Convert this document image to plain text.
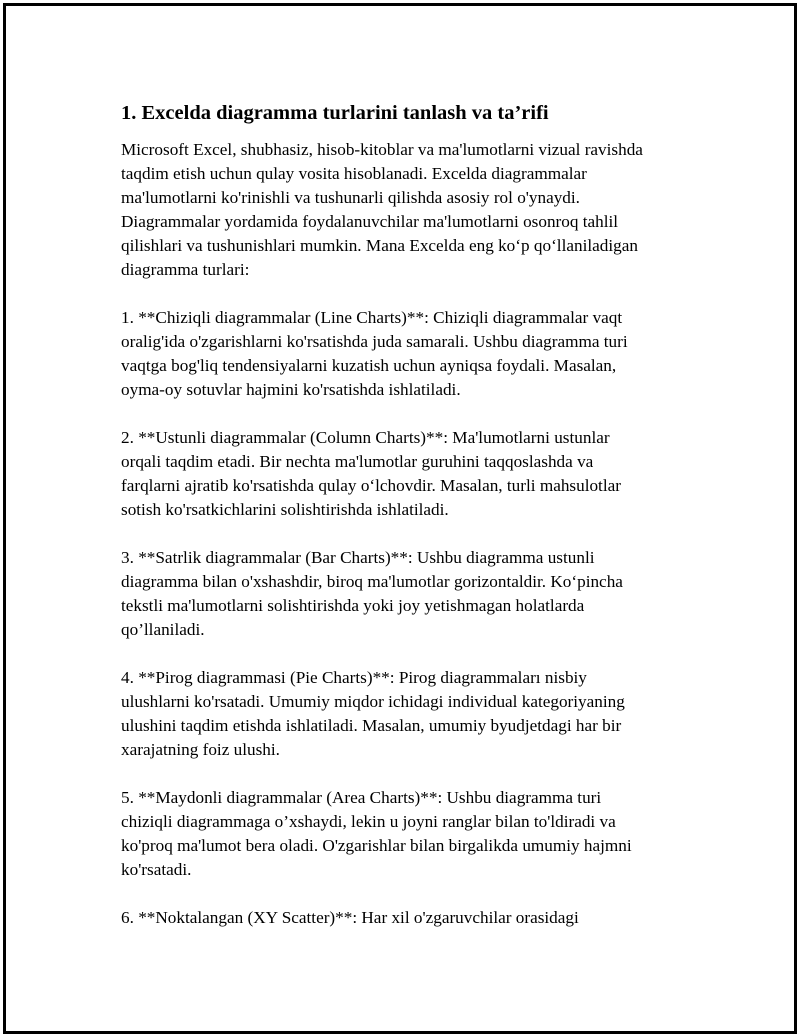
1. Excelda diagramma turlarini tanlash va ta’rifi

Microsoft Excel, shubhasiz, hisob-kitoblar va ma'lumotlarni vizual ravishda
taqdim etish uchun qulay vosita hisoblanadi. Excelda diagrammalar
ma'lumotlarni ko'rinishli va tushunarli qilishda asosiy rol o'ynaydi.
Diagrammalar yordamida foydalanuvchilar ma'lumotlarni osonroq tahlil
qilishlari va tushunishlari mumkin. Mana Excelda eng ko‘p qo‘llaniladigan
diagramma turlari:

1. **Chiziqli diagrammalar (Line Charts)**: Chiziqli diagrammalar vaqt
oralig'ida o'zgarishlarni ko'rsatishda juda samarali. Ushbu diagramma turi
vaqtga bog'liq tendensiyalarni kuzatish uchun ayniqsa foydali. Masalan,
oyma-oy sotuvlar hajmini ko'rsatishda ishlatiladi.

2. **Ustunli diagrammalar (Column Charts)**: Ma'lumotlarni ustunlar
orqali taqdim etadi. Bir nechta ma'lumotlar guruhini taqqoslashda va
farqlarni ajratib ko'rsatishda qulay o‘lchovdir. Masalan, turli mahsulotlar
sotish ko'rsatkichlarini solishtirishda ishlatiladi.

3. **Satrlik diagrammalar (Bar Charts)**: Ushbu diagramma ustunli
diagramma bilan o'xshashdir, biroq ma'lumotlar gorizontaldir. Ko‘pincha
tekstli ma'lumotlarni solishtirishda yoki joy yetishmagan holatlarda
qo’llaniladi.

4. **Pirog diagrammasi (Pie Charts)**: Pirog diagrammaları nisbiy
ulushlarni ko'rsatadi. Umumiy miqdor ichidagi individual kategoriyaning
ulushini taqdim etishda ishlatiladi. Masalan, umumiy byudjetdagi har bir
xarajatning foiz ulushi.

5. **Maydonli diagrammalar (Area Charts)**: Ushbu diagramma turi
chiziqli diagrammaga o’xshaydi, lekin u joyni ranglar bilan to'ldiradi va
ko'proq ma'lumot bera oladi. O'zgarishlar bilan birgalikda umumiy hajmni
ko'rsatadi.

6. **Noktalangan (XY Scatter)**: Har xil o'zgaruvchilar orasidagi
